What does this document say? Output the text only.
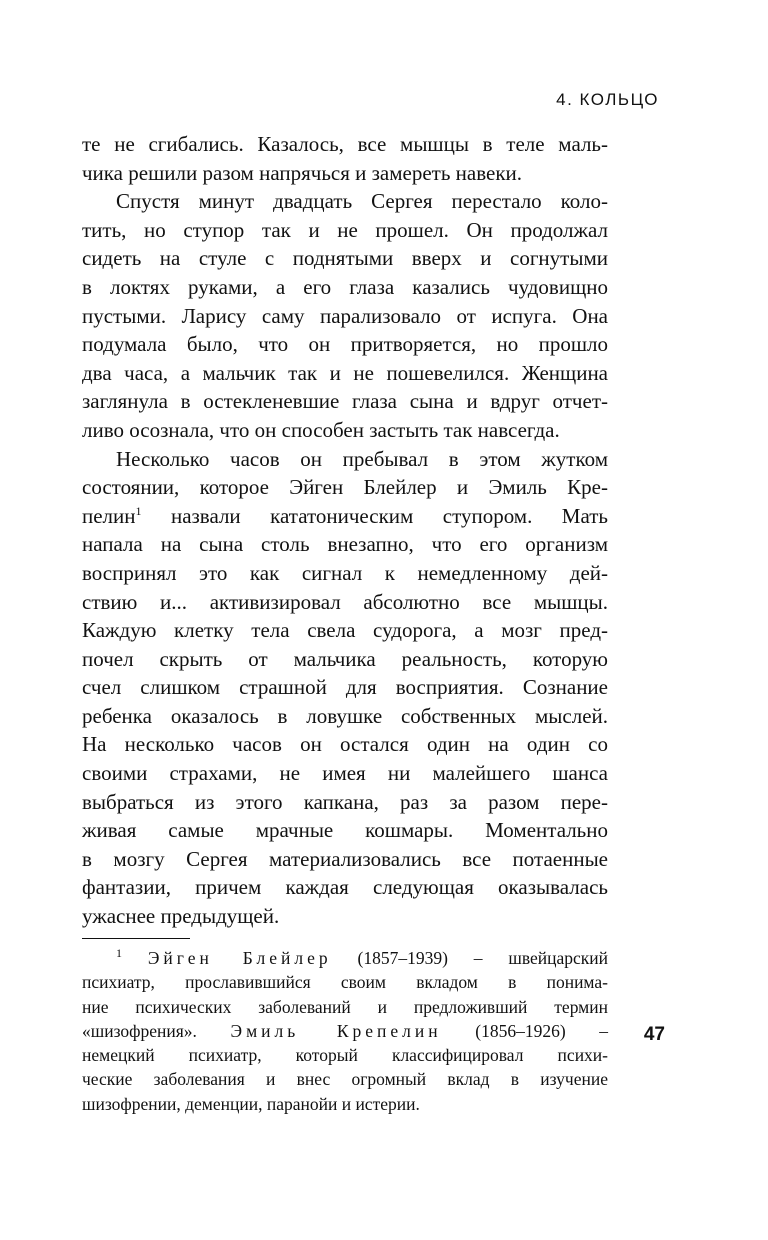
4. КОЛЬЦО
те не сгибались. Казалось, все мышцы в теле маль-
чика решили разом напрячься и замереть навеки.
Спустя минут двадцать Сергея перестало коло-
тить, но ступор так и не прошел. Он продолжал
сидеть на стуле с поднятыми вверх и согнутыми
в локтях руками, а его глаза казались чудовищно
пустыми. Ларису саму парализовало от испуга. Она
подумала было, что он притворяется, но прошло
два часа, а мальчик так и не пошевелился. Женщина
заглянула в остекленевшие глаза сына и вдруг отчет-
ливо осознала, что он способен застыть так навсегда.
Несколько часов он пребывал в этом жутком
состоянии, которое Эйген Блейлер и Эмиль Кре-
пелин$^1$ назвали кататоническим ступором. Мать
напала на сына столь внезапно, что его организм
воспринял это как сигнал к немедленному дей-
ствию и... активизировал абсолютно все мышцы.
Каждую клетку тела свела судорога, а мозг пред-
почел скрыть от мальчика реальность, которую
счел слишком страшной для восприятия. Сознание
ребенка оказалось в ловушке собственных мыслей.
На несколько часов он остался один на один со
своими страхами, не имея ни малейшего шанса
выбраться из этого капкана, раз за разом пере-
живая самые мрачные кошмары. Моментально
в мозгу Сергея материализовались все потаенные
фантазии, причем каждая следующая оказывалась
ужаснее предыдущей.
$^1$ Эйген Блейлер (1857–1939) – швейцарский
психиатр, прославившийся своим вкладом в понима-
ние психических заболеваний и предложивший термин
«шизофрения». Эмиль Крепелин (1856–1926) –
немецкий психиатр, который классифицировал психи-
ческие заболевания и внес огромный вклад в изучение
шизофрении, деменции, паранойи и истерии.
47
